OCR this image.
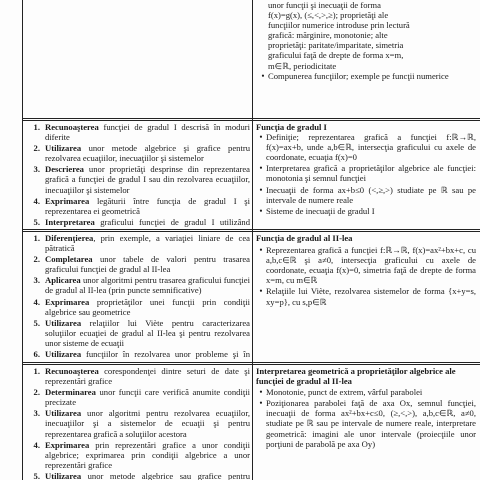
unor funcţii şi inecuaţii de forma
f(x)=g(x), (≤,<,>,≥); proprietăţi ale
funcţiilor numerice introduse prin lectură
grafică: mărginire, monotonie; alte
proprietăţi: paritate/imparitate, simetria
graficului faţă de drepte de forma x=m,
m∈ℝ, periodicitate
• Compunerea funcţiilor; exemple pe funcţii numerice
1. Recunoaşterea funcţiei de gradul I descrisă în moduri diferite
2. Utilizarea unor metode algebrice şi grafice pentru rezolvarea ecuaţiilor, inecuaţiilor şi sistemelor
3. Descrierea unor proprietăţi desprinse din reprezentarea grafică a funcţiei de gradul I sau din rezolvarea ecuaţiilor, inecuaţiilor şi sistemelor
4. Exprimarea legăturii între funcţia de gradul I şi reprezentarea ei geometrică
5. Interpretarea graficului funcţiei de gradul I utilizând
Funcţia de gradul I
• Definiţie; reprezentarea grafică a funcţiei f:ℝ→ℝ, f(x)=ax+b, unde a,b∈ℝ, intersecţia graficului cu axele de coordonate, ecuaţia f(x)=0
• Interpretarea grafică a proprietăţilor algebrice ale funcţiei: monotonia şi semnul funcţiei
• Inecuaţii de forma ax+b≤0 (<,≥,>) studiate pe ℝ sau pe intervale de numere reale
• Sisteme de inecuaţii de gradul I
1. Diferenţierea, prin exemple, a variaţiei liniare de cea pătratică
2. Completarea unor tabele de valori pentru trasarea graficului funcţiei de gradul al II-lea
3. Aplicarea unor algoritmi pentru trasarea graficului funcţiei de gradul al II-lea (prin puncte semnificative)
4. Exprimarea proprietăţilor unei funcţii prin condiţii algebrice sau geometrice
5. Utilizarea relaţiilor lui Viète pentru caracterizarea soluţiilor ecuaţiei de gradul al II-lea şi pentru rezolvarea unor sisteme de ecuaţii
6. Utilizarea funcţiilor în rezolvarea unor probleme şi în
Funcţia de gradul al II-lea
• Reprezentarea grafică a funcţiei f:ℝ→ℝ, f(x)=ax²+bx+c, cu a,b,c∈ℝ şi a≠0, intersecţia graficului cu axele de coordonate, ecuaţia f(x)=0, simetria faţă de drepte de forma x=m, cu m∈ℝ
• Relaţiile lui Viète, rezolvarea sistemelor de forma {x+y=s, xy=p}, cu s,p∈ℝ
1. Recunoaşterea corespondenţei dintre seturi de date şi reprezentări grafice
2. Determinarea unor funcţii care verifică anumite condiţii precizate
3. Utilizarea unor algoritmi pentru rezolvarea ecuaţiilor, inecuaţiilor şi a sistemelor de ecuaţii şi pentru reprezentarea grafică a soluţiilor acestora
4. Exprimarea prin reprezentări grafice a unor condiţii algebrice; exprimarea prin condiţii algebrice a unor reprezentări grafice
5. Utilizarea unor metode algebrice sau grafice pentru
Interpretarea geometrică a proprietăţilor algebrice ale funcţiei de gradul al II-lea
• Monotonie, punct de extrem, vârful parabolei
• Poziţionarea parabolei faţă de axa Ox, semnul funcţiei, inecuaţii de forma ax²+bx+c≤0, (≥,<,>), a,b,c∈ℝ, a≠0, studiate pe ℝ sau pe intervale de numere reale, interpretare geometrică: imagini ale unor intervale (proiecţiile unor porţiuni de parabolă pe axa Oy)
